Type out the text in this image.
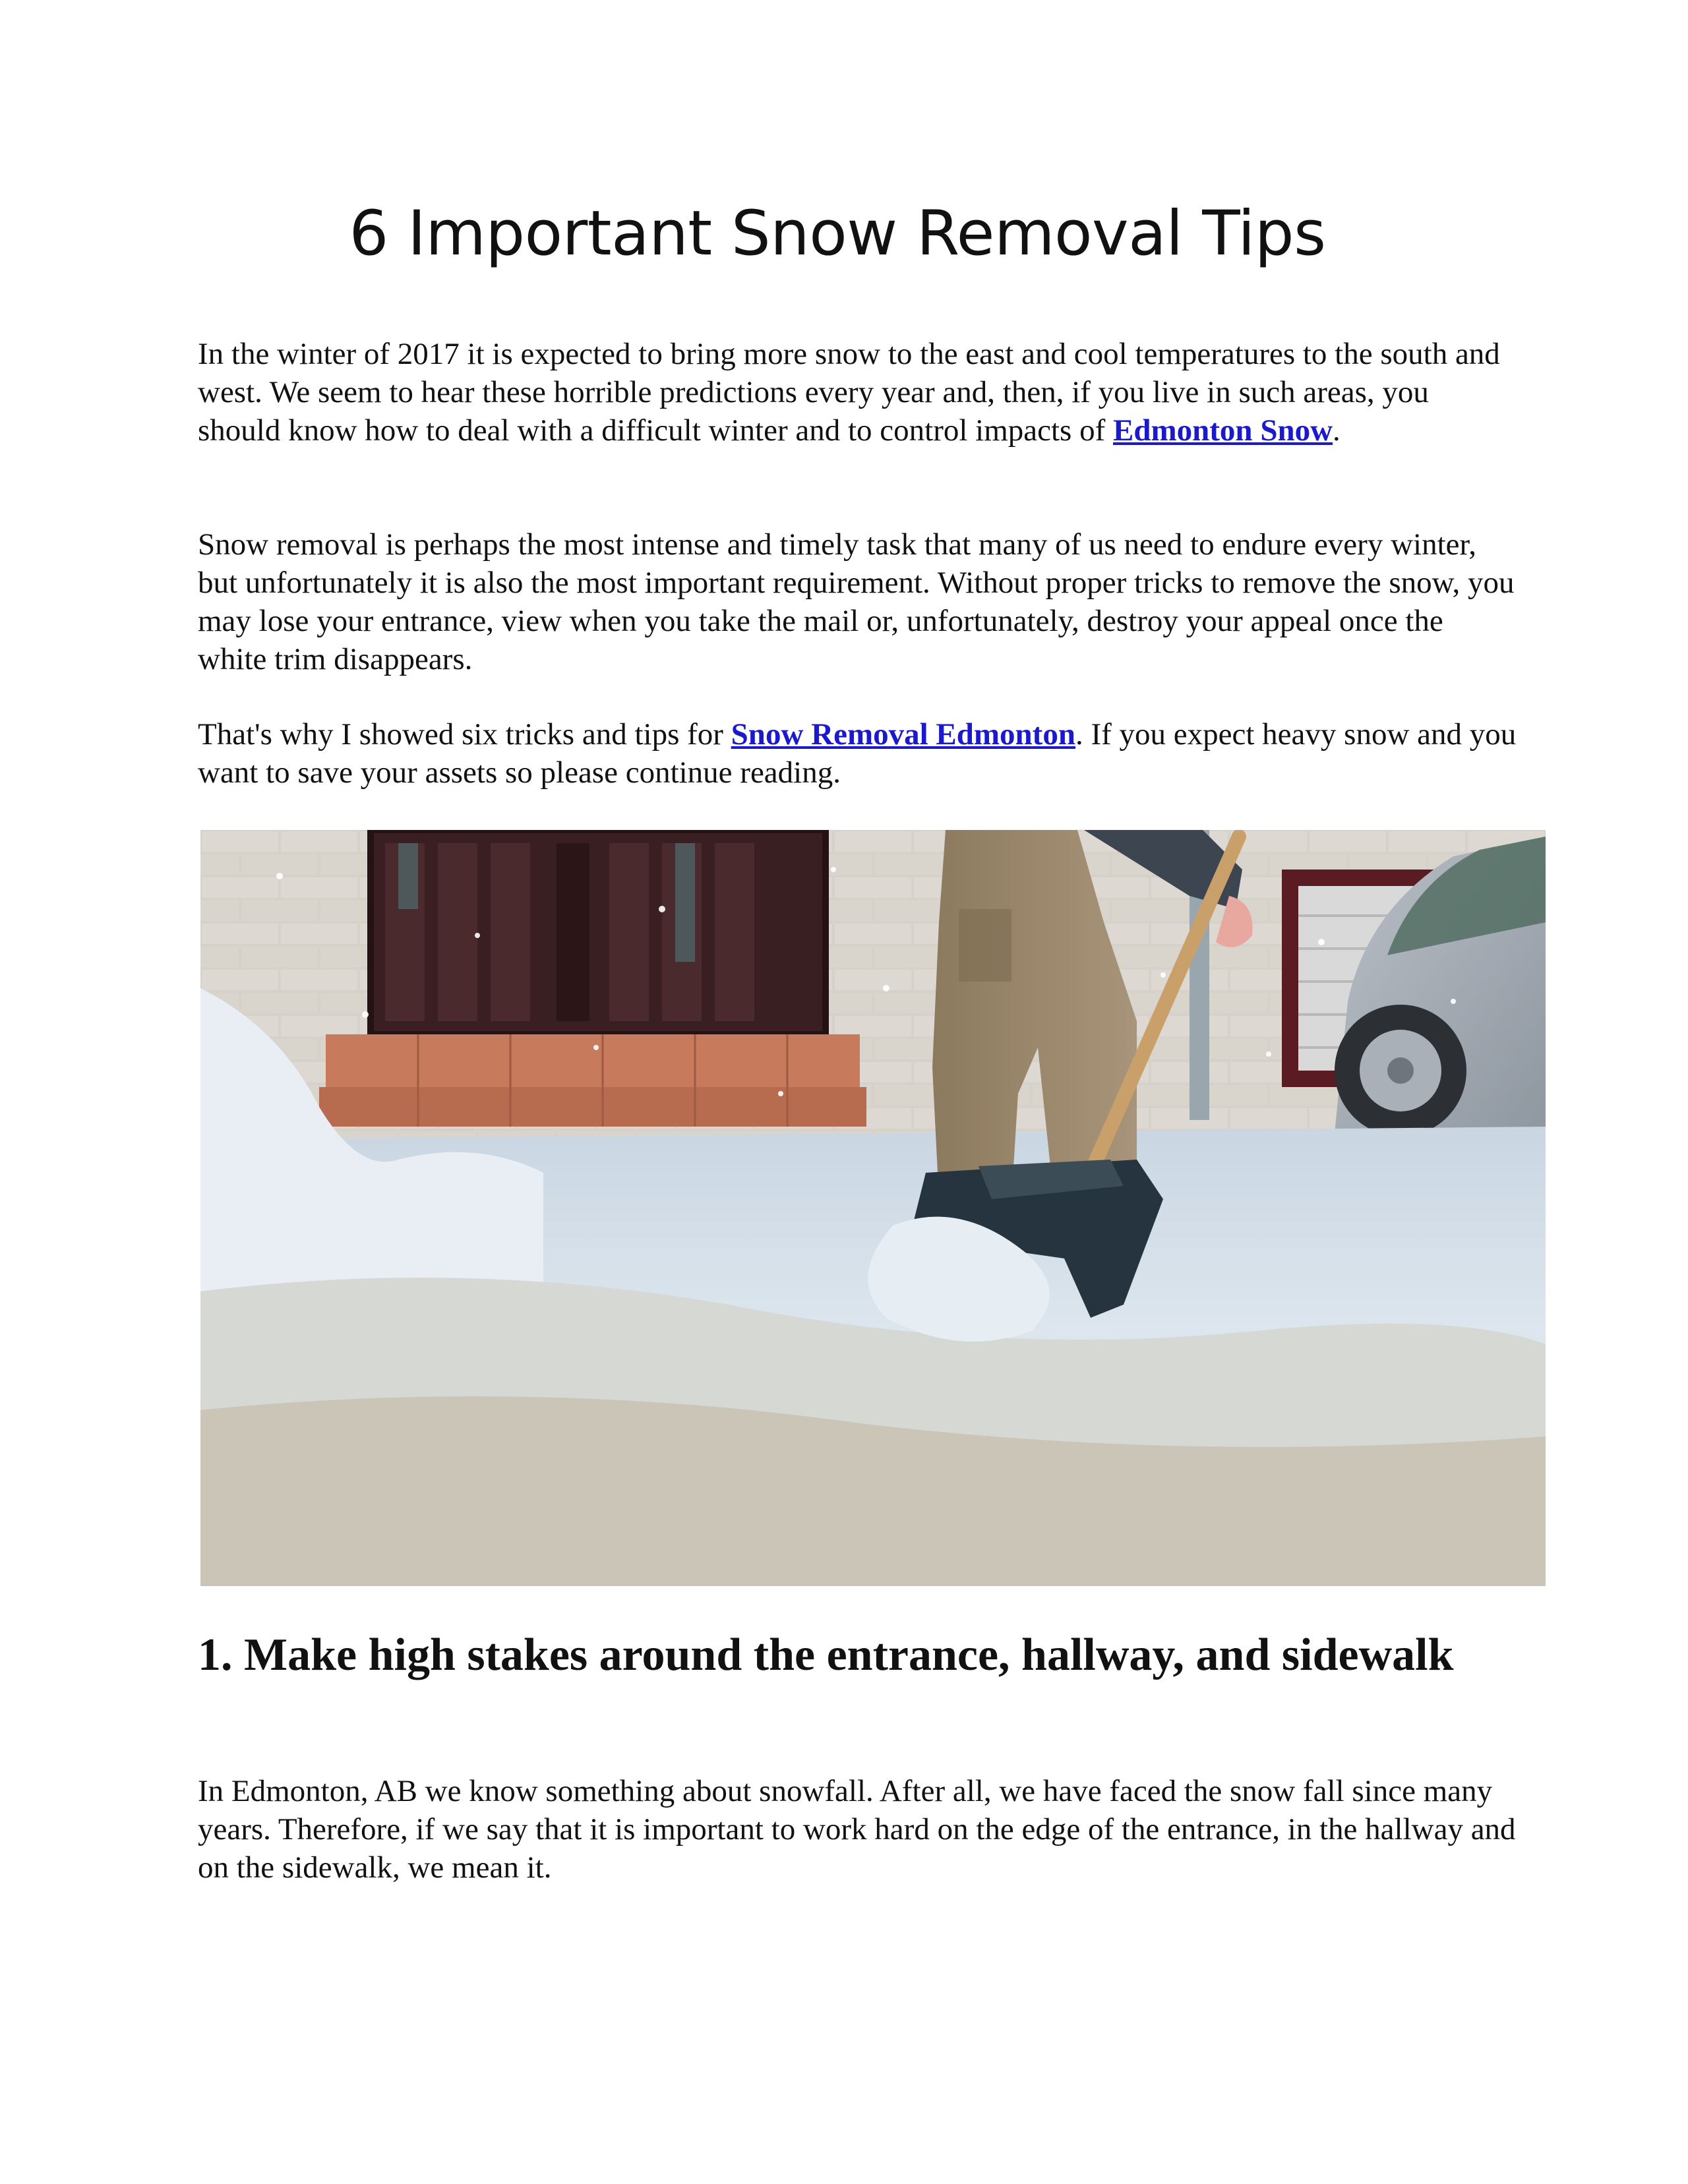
6 Important Snow Removal Tips

In the winter of 2017 it is expected to bring more snow to the east and cool temperatures to the south and west. We seem to hear these horrible predictions every year and, then, if you live in such areas, you should know how to deal with a difficult winter and to control impacts of Edmonton Snow.

Snow removal is perhaps the most intense and timely task that many of us need to endure every winter, but unfortunately it is also the most important requirement. Without proper tricks to remove the snow, you may lose your entrance, view when you take the mail or, unfortunately, destroy your appeal once the white trim disappears.

That's why I showed six tricks and tips for Snow Removal Edmonton. If you expect heavy snow and you want to save your assets so please continue reading.

1. Make high stakes around the entrance, hallway, and sidewalk

In Edmonton, AB we know something about snowfall. After all, we have faced the snow fall since many years. Therefore, if we say that it is important to work hard on the edge of the entrance, in the hallway and on the sidewalk, we mean it.
